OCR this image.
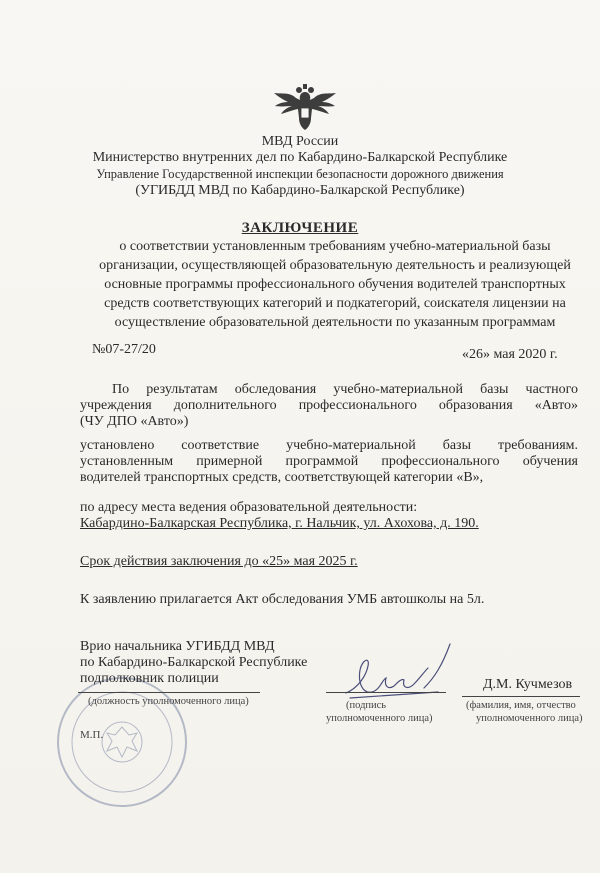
МВД России
Министерство внутренних дел по Кабардино-Балкарской Республике
Управление Государственной инспекции безопасности дорожного движения
(УГИБДД МВД по Кабардино-Балкарской Республике)
ЗАКЛЮЧЕНИЕ
о соответствии установленным требованиям учебно-материальной базы организации, осуществляющей образовательную деятельность и реализующей основные программы профессионального обучения водителей транспортных средств соответствующих категорий и подкатегорий, соискателя лицензии на осуществление образовательной деятельности по указанным программам
№07-27/20	«26» мая 2020 г.
По результатам обследования учебно-материальной базы частного
учреждения дополнительного профессионального образования «Авто»
(ЧУ ДПО «Авто»)
установлено соответствие учебно-материальной базы требованиям.
установленным примерной программой профессионального обучения
водителей транспортных средств, соответствующей категории «В»,
по адресу места ведения образовательной деятельности:
Кабардино-Балкарская Республика, г. Нальчик, ул. Ахохова, д. 190.
Срок действия заключения до «25» мая 2025 г.
К заявлению прилагается Акт обследования УМБ автошколы на 5л.
Врио начальника УГИБДД МВД
по Кабардино-Балкарской Республике
подполковник полиции
(должность уполномоченного лица)
М.П.
(подпись
уполномоченного лица)
Д.М. Кучмезов
(фамилия, имя, отчество
уполномоченного лица)
